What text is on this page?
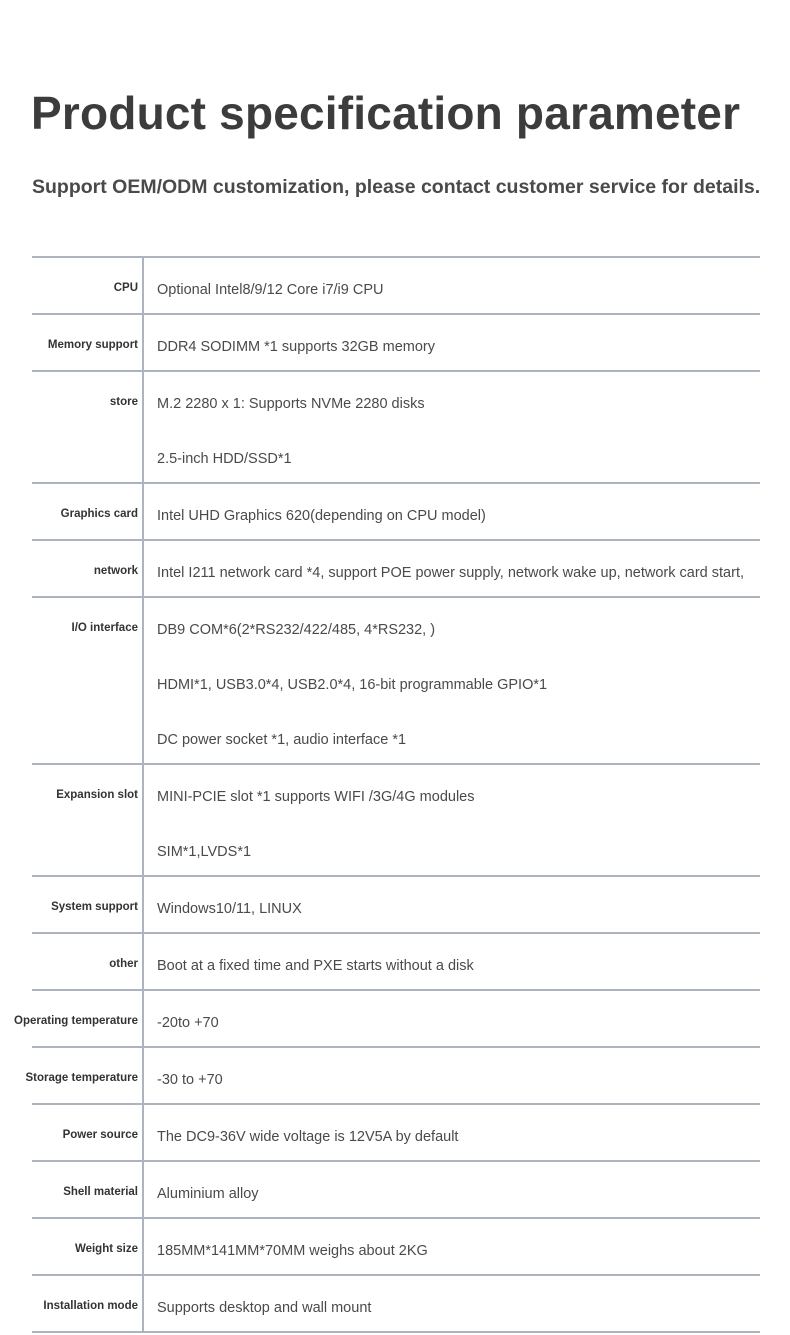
Product specification parameter

Support OEM/ODM customization, please contact customer service for details.

CPU	Optional Intel8/9/12 Core i7/i9 CPU
Memory support	DDR4 SODIMM *1 supports 32GB memory
store	M.2 2280 x 1: Supports NVMe 2280 disks
2.5-inch HDD/SSD*1
Graphics card	Intel UHD Graphics 620(depending on CPU model)
network	Intel I211 network card *4, support POE power supply, network wake up, network card start,
I/O interface	DB9 COM*6(2*RS232/422/485, 4*RS232, )
HDMI*1, USB3.0*4, USB2.0*4, 16-bit programmable GPIO*1
DC power socket *1, audio interface *1
Expansion slot	MINI-PCIE slot *1 supports WIFI /3G/4G modules
SIM*1,LVDS*1
System support	Windows10/11, LINUX
other	Boot at a fixed time and PXE starts without a disk
Operating temperature	-20to +70
Storage temperature	-30 to +70
Power source	The DC9-36V wide voltage is 12V5A by default
Shell material	Aluminium alloy
Weight size	185MM*141MM*70MM weighs about 2KG
Installation mode	Supports desktop and wall mount
